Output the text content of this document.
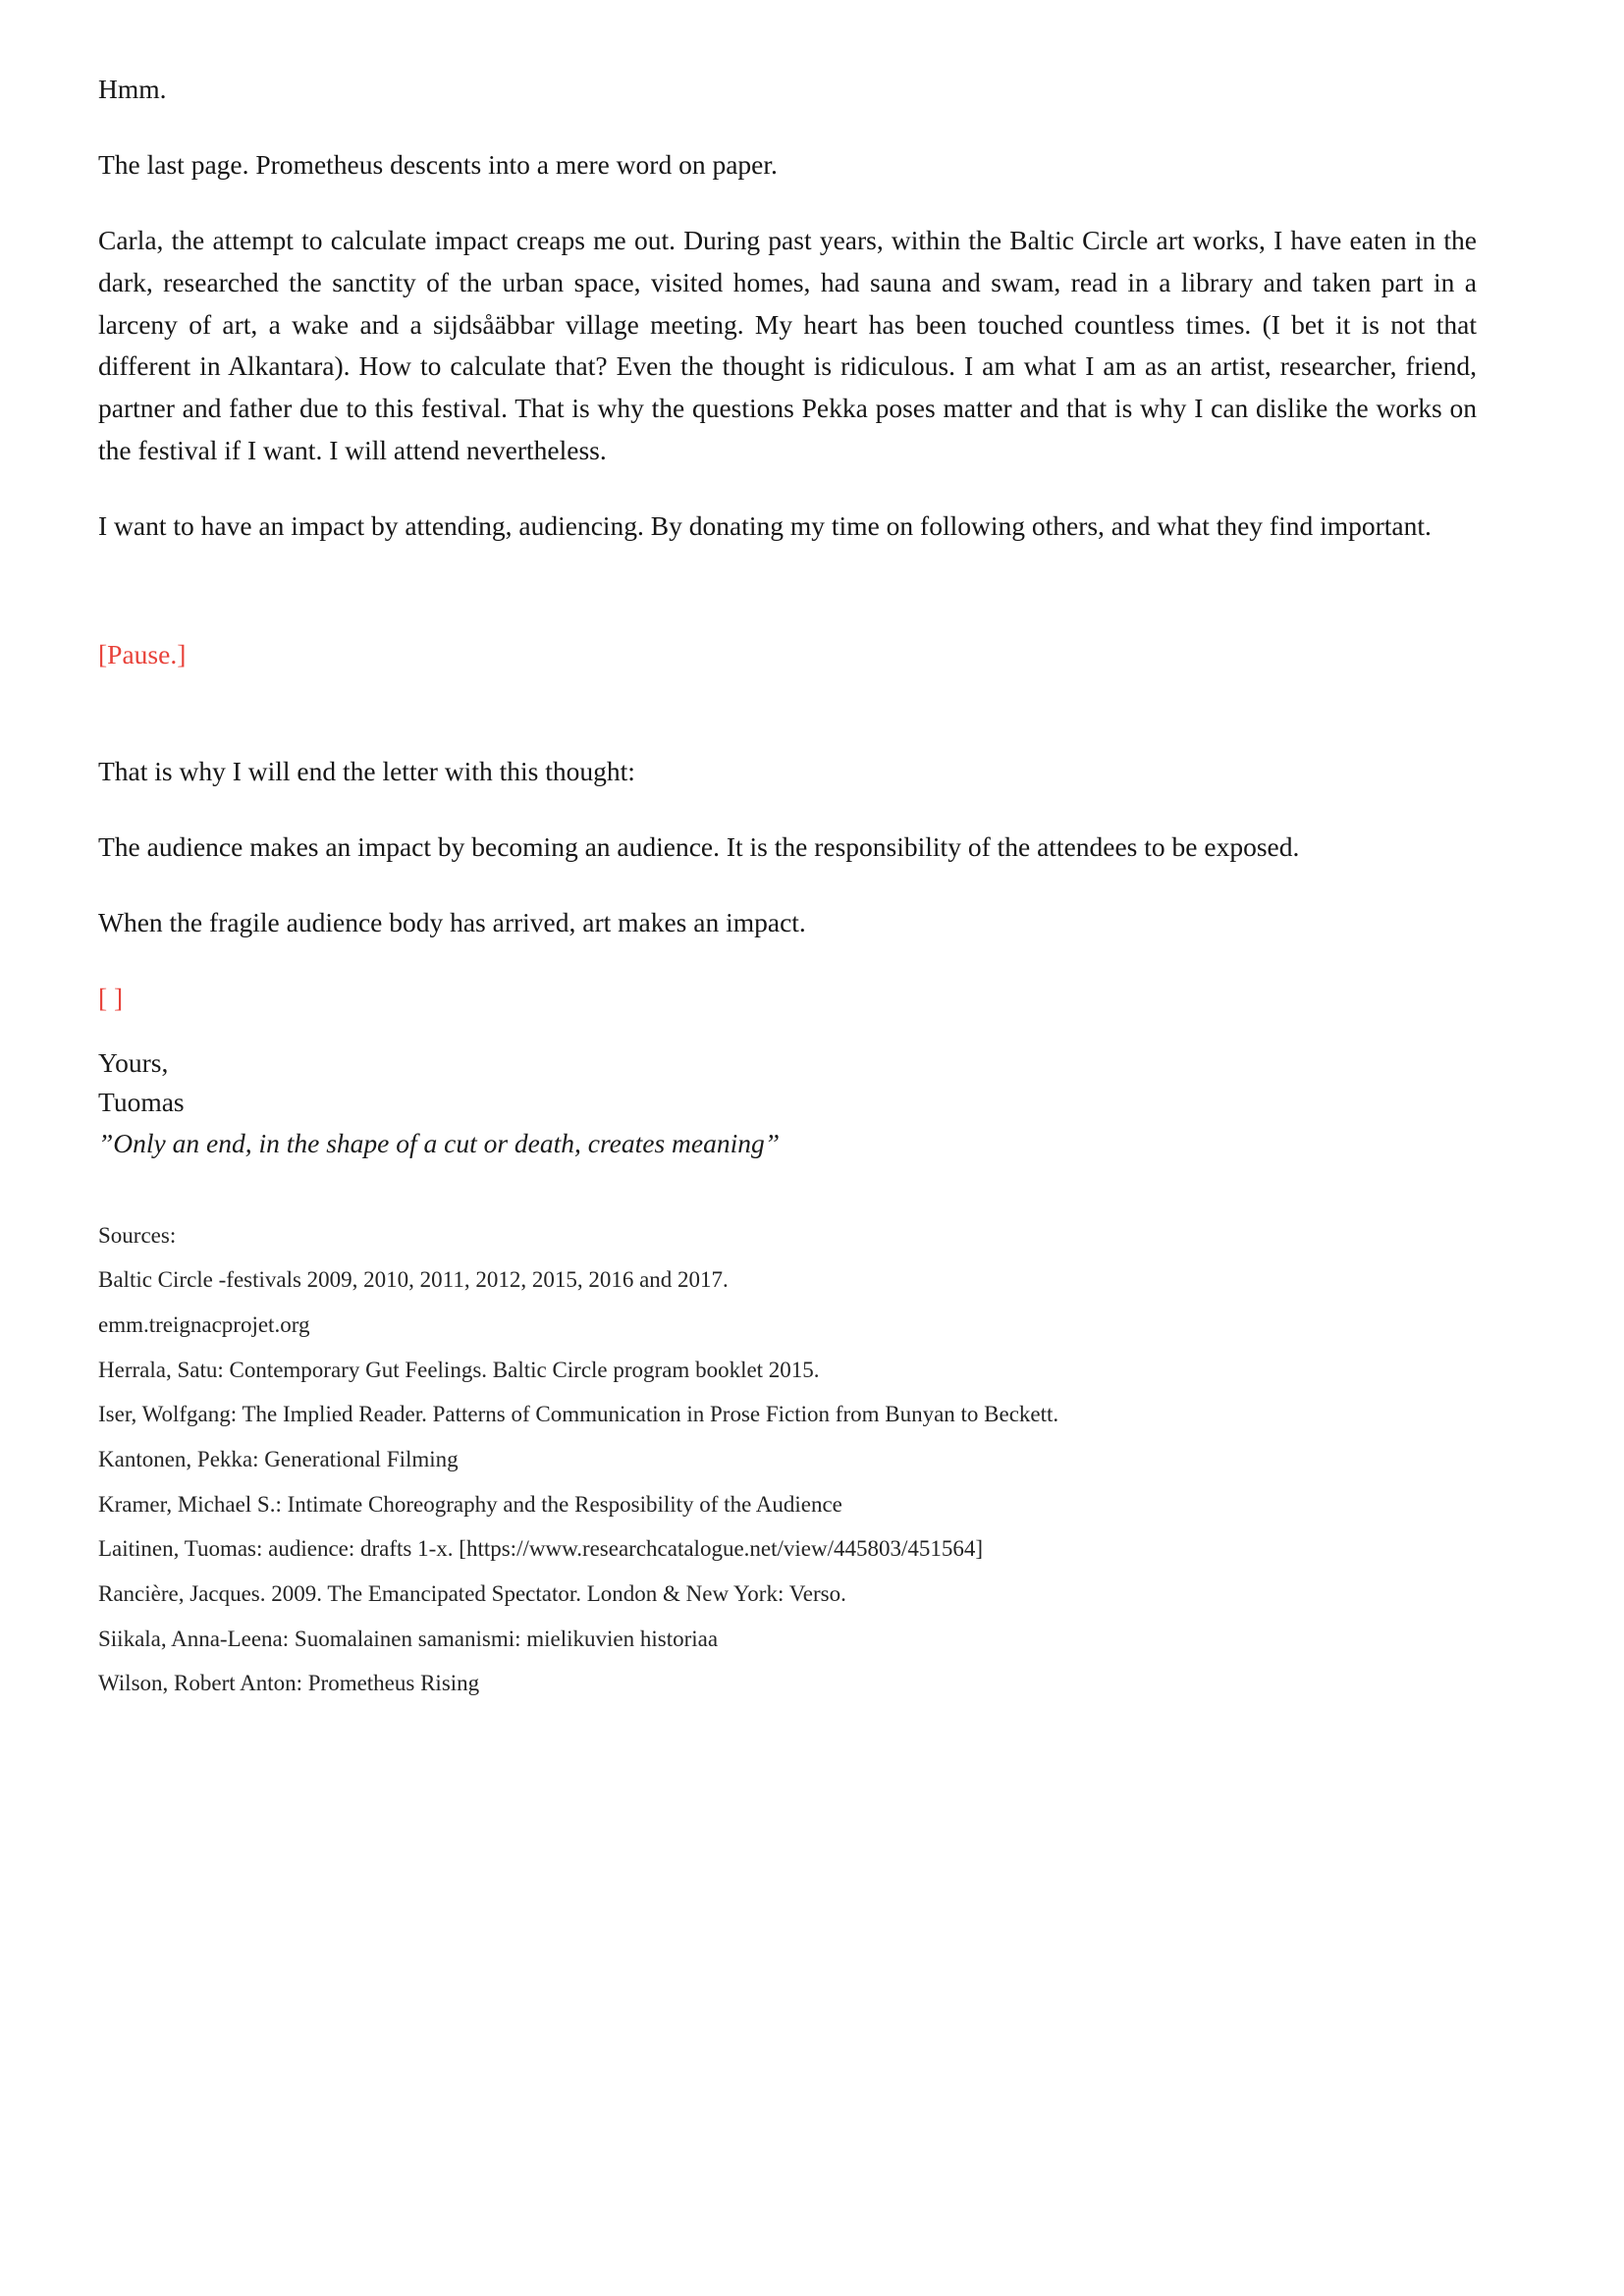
Hmm.

The last page. Prometheus descents into a mere word on paper.

Carla, the attempt to calculate impact creaps me out. During past years, within the Baltic Circle art works, I have eaten in the dark, researched the sanctity of the urban space, visited homes, had sauna and swam, read in a library and taken part in a larceny of art, a wake and a sijdsåäbbar village meeting. My heart has been touched countless times. (I bet it is not that different in Alkantara). How to calculate that? Even the thought is ridiculous. I am what I am as an artist, researcher, friend, partner and father due to this festival. That is why the questions Pekka poses matter and that is why I can dislike the works on the festival if I want. I will attend nevertheless.

I want to have an impact by attending, audiencing. By donating my time on following others, and what they find important.

[Pause.]

That is why I will end the letter with this thought:

The audience makes an impact by becoming an audience. It is the responsibility of the attendees to be exposed.

When the fragile audience body has arrived, art makes an impact.

[ ]

Yours,
Tuomas
”Only an end, in the shape of a cut or death, creates meaning”

Sources:

Baltic Circle -festivals 2009, 2010, 2011, 2012, 2015, 2016 and 2017.

emm.treignacprojet.org

Herrala, Satu: Contemporary Gut Feelings. Baltic Circle program booklet 2015.

Iser, Wolfgang: The Implied Reader. Patterns of Communication in Prose Fiction from Bunyan to Beckett.

Kantonen, Pekka: Generational Filming

Kramer, Michael S.: Intimate Choreography and the Resposibility of the Audience

Laitinen, Tuomas: audience: drafts 1-x. [https://www.researchcatalogue.net/view/445803/451564]

Rancière, Jacques. 2009. The Emancipated Spectator. London & New York: Verso.

Siikala, Anna-Leena: Suomalainen samanismi: mielikuvien historiaa

Wilson, Robert Anton: Prometheus Rising
